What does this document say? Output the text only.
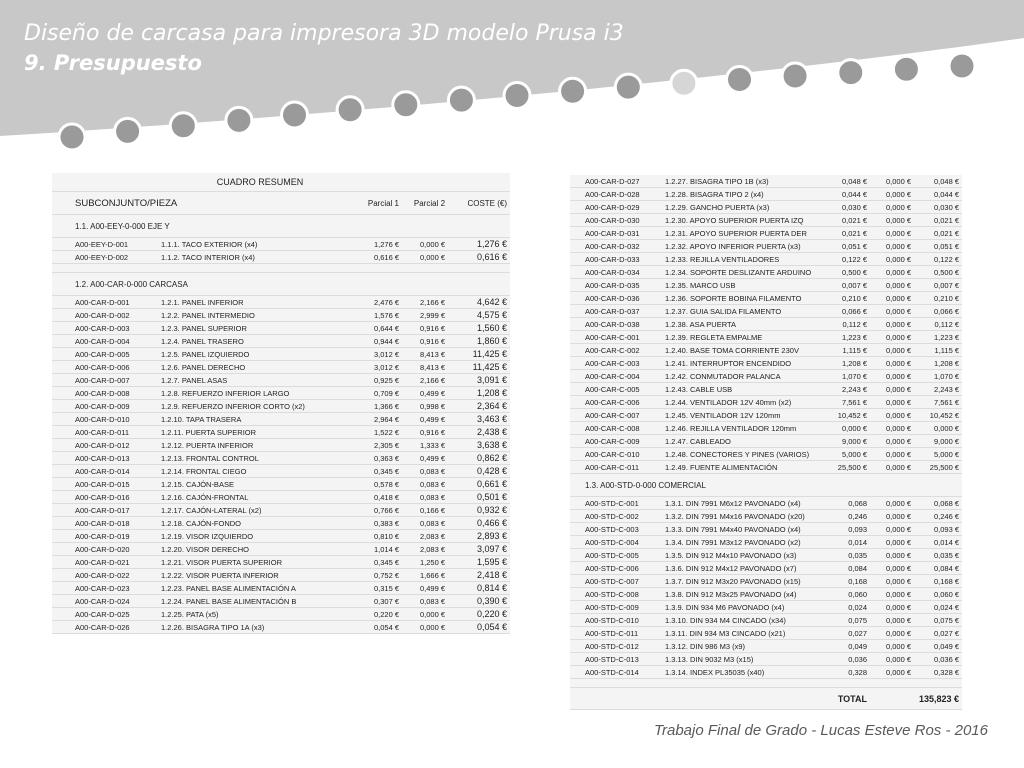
Diseño de carcasa para impresora 3D modelo Prusa i3
9. Presupuesto
	CUADRO RESUMEN				
	SUBCONJUNTO/PIEZA		Parcial 1	Parcial 2	COSTE (€)
	1.1. A00-EEY-0-000 EJE Y				
	A00-EEY-D-001	1.1.1. TACO EXTERIOR (x4)	1,276 €	0,000 €	1,276 €
	A00-EEY-D-002	1.1.2. TACO INTERIOR (x4)	0,616 €	0,000 €	0,616 €

	1.2. A00-CAR-0-000 CARCASA				
	A00-CAR-D-001	1.2.1. PANEL INFERIOR	2,476 €	2,166 €	4,642 €
	A00-CAR-D-002	1.2.2. PANEL INTERMEDIO	1,576 €	2,999 €	4,575 €
	A00-CAR-D-003	1.2.3. PANEL SUPERIOR	0,644 €	0,916 €	1,560 €
	A00-CAR-D-004	1.2.4. PANEL TRASERO	0,944 €	0,916 €	1,860 €
	A00-CAR-D-005	1.2.5. PANEL IZQUIERDO	3,012 €	8,413 €	11,425 €
	A00-CAR-D-006	1.2.6. PANEL DERECHO	3,012 €	8,413 €	11,425 €
	A00-CAR-D-007	1.2.7. PANEL ASAS	0,925 €	2,166 €	3,091 €
	A00-CAR-D-008	1.2.8. REFUERZO INFERIOR LARGO	0,709 €	0,499 €	1,208 €
	A00-CAR-D-009	1.2.9. REFUERZO INFERIOR CORTO (x2)	1,366 €	0,998 €	2,364 €
	A00-CAR-D-010	1.2.10. TAPA TRASERA	2,964 €	0,499 €	3,463 €
	A00-CAR-D-011	1.2.11. PUERTA SUPERIOR	1,522 €	0,916 €	2,438 €
	A00-CAR-D-012	1.2.12. PUERTA INFERIOR	2,305 €	1,333 €	3,638 €
	A00-CAR-D-013	1.2.13. FRONTAL CONTROL	0,363 €	0,499 €	0,862 €
	A00-CAR-D-014	1.2.14. FRONTAL CIEGO	0,345 €	0,083 €	0,428 €
	A00-CAR-D-015	1.2.15. CAJÓN-BASE	0,578 €	0,083 €	0,661 €
	A00-CAR-D-016	1.2.16. CAJÓN-FRONTAL	0,418 €	0,083 €	0,501 €
	A00-CAR-D-017	1.2.17. CAJÓN-LATERAL (x2)	0,766 €	0,166 €	0,932 €
	A00-CAR-D-018	1.2.18. CAJÓN-FONDO	0,383 €	0,083 €	0,466 €
	A00-CAR-D-019	1.2.19. VISOR IZQUIERDO	0,810 €	2,083 €	2,893 €
	A00-CAR-D-020	1.2.20. VISOR DERECHO	1,014 €	2,083 €	3,097 €
	A00-CAR-D-021	1.2.21. VISOR PUERTA SUPERIOR	0,345 €	1,250 €	1,595 €
	A00-CAR-D-022	1.2.22. VISOR PUERTA INFERIOR	0,752 €	1,666 €	2,418 €
	A00-CAR-D-023	1.2.23. PANEL BASE ALIMENTACIÓN A	0,315 €	0,499 €	0,814 €
	A00-CAR-D-024	1.2.24. PANEL BASE ALIMENTACIÓN B	0,307 €	0,083 €	0,390 €
	A00-CAR-D-025	1.2.25. PATA (x5)	0,220 €	0,000 €	0,220 €
	A00-CAR-D-026	1.2.26. BISAGRA TIPO 1A (x3)	0,054 €	0,000 €	0,054 €
	A00-CAR-D-027	1.2.27. BISAGRA TIPO 1B (x3)	0,048 €	0,000 €	0,048 €
	A00-CAR-D-028	1.2.28. BISAGRA TIPO 2 (x4)	0,044 €	0,000 €	0,044 €
	A00-CAR-D-029	1.2.29. GANCHO PUERTA (x3)	0,030 €	0,000 €	0,030 €
	A00-CAR-D-030	1.2.30. APOYO SUPERIOR PUERTA IZQ	0,021 €	0,000 €	0,021 €
	A00-CAR-D-031	1.2.31. APOYO SUPERIOR PUERTA DER	0,021 €	0,000 €	0,021 €
	A00-CAR-D-032	1.2.32. APOYO INFERIOR PUERTA (x3)	0,051 €	0,000 €	0,051 €
	A00-CAR-D-033	1.2.33. REJILLA VENTILADORES	0,122 €	0,000 €	0,122 €
	A00-CAR-D-034	1.2.34. SOPORTE DESLIZANTE ARDUINO	0,500 €	0,000 €	0,500 €
	A00-CAR-D-035	1.2.35. MARCO USB	0,007 €	0,000 €	0,007 €
	A00-CAR-D-036	1.2.36. SOPORTE BOBINA FILAMENTO	0,210 €	0,000 €	0,210 €
	A00-CAR-D-037	1.2.37. GUIA SALIDA FILAMENTO	0,066 €	0,000 €	0,066 €
	A00-CAR-D-038	1.2.38. ASA PUERTA	0,112 €	0,000 €	0,112 €
	A00-CAR-C-001	1.2.39. REGLETA EMPALME	1,223 €	0,000 €	1,223 €
	A00-CAR-C-002	1.2.40. BASE TOMA CORRIENTE 230V	1,115 €	0,000 €	1,115 €
	A00-CAR-C-003	1.2.41. INTERRUPTOR ENCENDIDO	1,208 €	0,000 €	1,208 €
	A00-CAR-C-004	1.2.42. CONMUTADOR PALANCA	1,070 €	0,000 €	1,070 €
	A00-CAR-C-005	1.2.43. CABLE USB	2,243 €	0,000 €	2,243 €
	A00-CAR-C-006	1.2.44. VENTILADOR 12V 40mm (x2)	7,561 €	0,000 €	7,561 €
	A00-CAR-C-007	1.2.45. VENTILADOR 12V 120mm	10,452 €	0,000 €	10,452 €
	A00-CAR-C-008	1.2.46. REJILLA VENTILADOR 120mm	0,000 €	0,000 €	0,000 €
	A00-CAR-C-009	1.2.47. CABLEADO	9,000 €	0,000 €	9,000 €
	A00-CAR-C-010	1.2.48. CONECTORES Y PINES (VARIOS)	5,000 €	0,000 €	5,000 €
	A00-CAR-C-011	1.2.49. FUENTE ALIMENTACIÓN	25,500 €	0,000 €	25,500 €
	1.3. A00-STD-0-000 COMERCIAL				
	A00-STD-C-001	1.3.1. DIN 7991 M6x12 PAVONADO (x4)	0,068	0,000 €	0,068 €
	A00-STD-C-002	1.3.2. DIN 7991 M4x16 PAVONADO (x20)	0,246	0,000 €	0,246 €
	A00-STD-C-003	1.3.3. DIN 7991 M4x40 PAVONADO (x4)	0,093	0,000 €	0,093 €
	A00-STD-C-004	1.3.4. DIN 7991 M3x12 PAVONADO (x2)	0,014	0,000 €	0,014 €
	A00-STD-C-005	1.3.5. DIN 912 M4x10 PAVONADO (x3)	0,035	0,000 €	0,035 €
	A00-STD-C-006	1.3.6. DIN 912 M4x12 PAVONADO (x7)	0,084	0,000 €	0,084 €
	A00-STD-C-007	1.3.7. DIN 912 M3x20 PAVONADO (x15)	0,168	0,000 €	0,168 €
	A00-STD-C-008	1.3.8. DIN 912 M3x25 PAVONADO (x4)	0,060	0,000 €	0,060 €
	A00-STD-C-009	1.3.9. DIN 934 M6 PAVONADO (x4)	0,024	0,000 €	0,024 €
	A00-STD-C-010	1.3.10. DIN 934 M4 CINCADO (x34)	0,075	0,000 €	0,075 €
	A00-STD-C-011	1.3.11. DIN 934 M3 CINCADO (x21)	0,027	0,000 €	0,027 €
	A00-STD-C-012	1.3.12. DIN 986 M3 (x9)	0,049	0,000 €	0,049 €
	A00-STD-C-013	1.3.13. DIN 9032 M3 (x15)	0,036	0,000 €	0,036 €
	A00-STD-C-014	1.3.14. INDEX PL35035 (x40)	0,328	0,000 €	0,328 €

			TOTAL		135,823 €
Trabajo Final de Grado - Lucas Esteve Ros - 2016
